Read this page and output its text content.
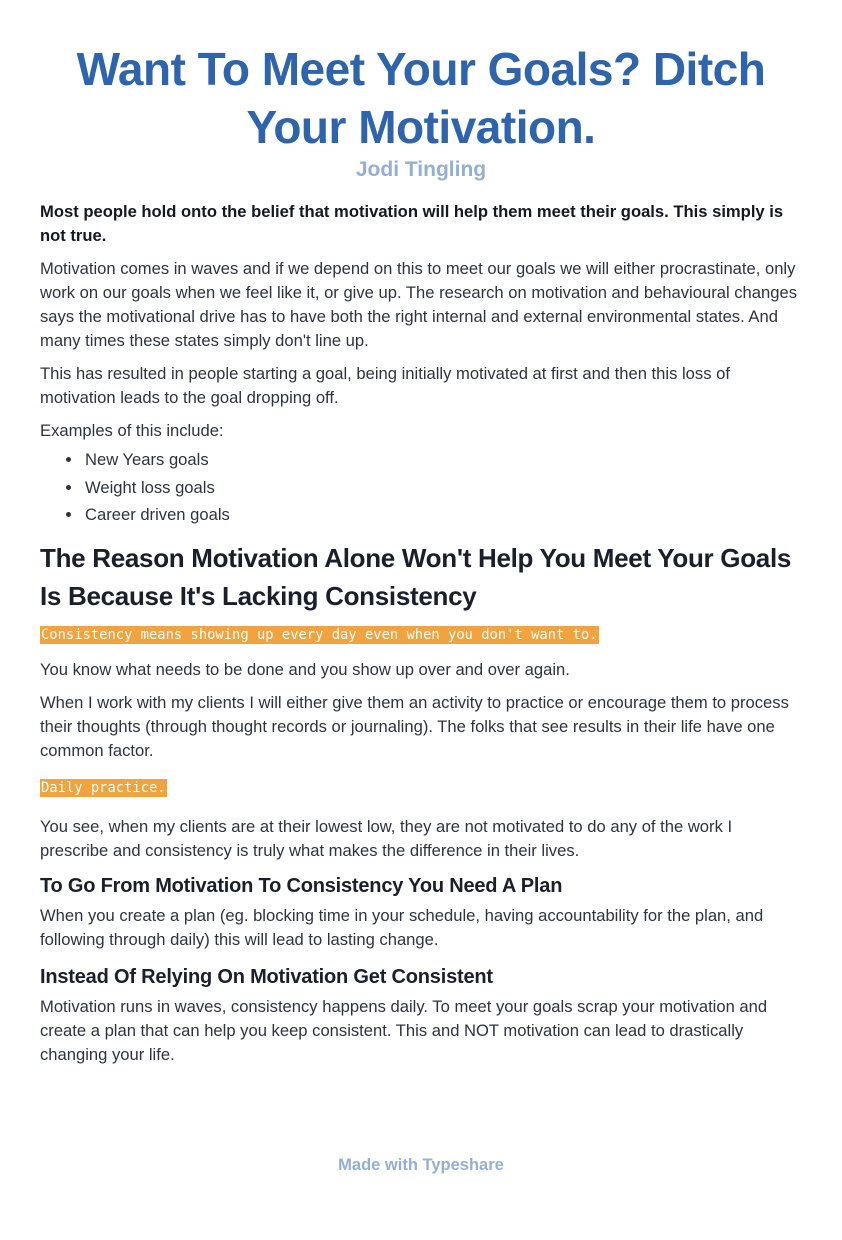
Want To Meet Your Goals? Ditch Your Motivation.
Jodi Tingling

Most people hold onto the belief that motivation will help them meet their goals. This simply is not true.

Motivation comes in waves and if we depend on this to meet our goals we will either procrastinate, only work on our goals when we feel like it, or give up. The research on motivation and behavioural changes says the motivational drive has to have both the right internal and external environmental states. And many times these states simply don't line up.

This has resulted in people starting a goal, being initially motivated at first and then this loss of motivation leads to the goal dropping off.

Examples of this include:

• New Years goals
• Weight loss goals
• Career driven goals
The Reason Motivation Alone Won't Help You Meet Your Goals Is Because It's Lacking Consistency
Consistency means showing up every day even when you don't want to.

You know what needs to be done and you show up over and over again.

When I work with my clients I will either give them an activity to practice or encourage them to process their thoughts (through thought records or journaling). The folks that see results in their life have one common factor.

Daily practice.

You see, when my clients are at their lowest low, they are not motivated to do any of the work I prescribe and consistency is truly what makes the difference in their lives.

To Go From Motivation To Consistency You Need A Plan

When you create a plan (eg. blocking time in your schedule, having accountability for the plan, and following through daily) this will lead to lasting change.

Instead Of Relying On Motivation Get Consistent

Motivation runs in waves, consistency happens daily. To meet your goals scrap your motivation and create a plan that can help you keep consistent. This and NOT motivation can lead to drastically changing your life.

Made with Typeshare
